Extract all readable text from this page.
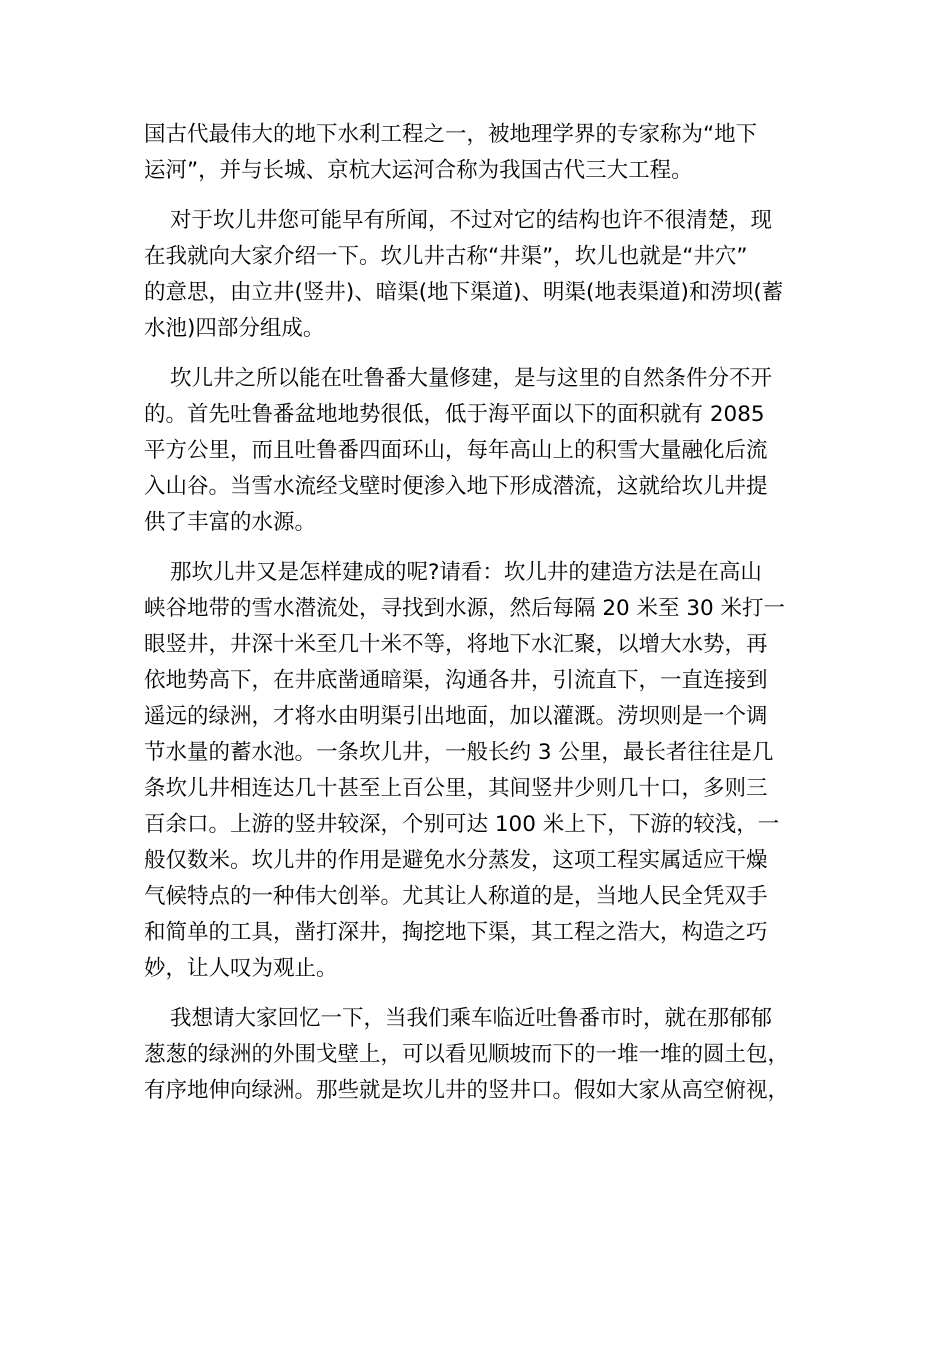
国古代最伟大的地下水利工程之一，被地理学界的专家称为“地下
运河”，并与长城、京杭大运河合称为我国古代三大工程。
对于坎儿井您可能早有所闻，不过对它的结构也许不很清楚，现
在我就向大家介绍一下。坎儿井古称“井渠”，坎儿也就是“井穴”
的意思，由立井(竖井)、暗渠(地下渠道)、明渠(地表渠道)和涝坝(蓄
水池)四部分组成。
坎儿井之所以能在吐鲁番大量修建，是与这里的自然条件分不开
的。首先吐鲁番盆地地势很低，低于海平面以下的面积就有 2085
平方公里，而且吐鲁番四面环山，每年高山上的积雪大量融化后流
入山谷。当雪水流经戈壁时便渗入地下形成潜流，这就给坎儿井提
供了丰富的水源。
那坎儿井又是怎样建成的呢?请看：坎儿井的建造方法是在高山
峡谷地带的雪水潜流处，寻找到水源，然后每隔 20 米至 30 米打一
眼竖井，井深十米至几十米不等，将地下水汇聚，以增大水势，再
依地势高下，在井底凿通暗渠，沟通各井，引流直下，一直连接到
遥远的绿洲，才将水由明渠引出地面，加以灌溉。涝坝则是一个调
节水量的蓄水池。一条坎儿井，一般长约 3 公里，最长者往往是几
条坎儿井相连达几十甚至上百公里，其间竖井少则几十口，多则三
百余口。上游的竖井较深，个别可达 100 米上下，下游的较浅，一
般仅数米。坎儿井的作用是避免水分蒸发，这项工程实属适应干燥
气候特点的一种伟大创举。尤其让人称道的是，当地人民全凭双手
和简单的工具，凿打深井，掏挖地下渠，其工程之浩大，构造之巧
妙，让人叹为观止。
我想请大家回忆一下，当我们乘车临近吐鲁番市时，就在那郁郁
葱葱的绿洲的外围戈壁上，可以看见顺坡而下的一堆一堆的圆土包，
有序地伸向绿洲。那些就是坎儿井的竖井口。假如大家从高空俯视，
